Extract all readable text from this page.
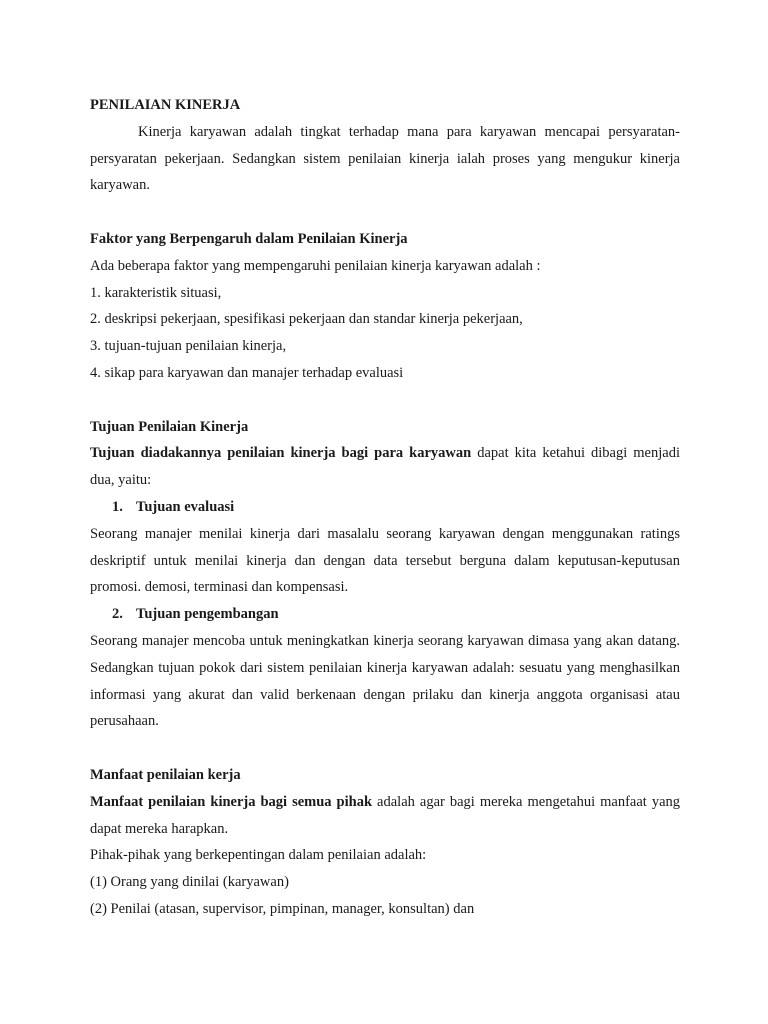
PENILAIAN KINERJA

Kinerja karyawan adalah tingkat terhadap mana para karyawan mencapai persyaratan-persyaratan pekerjaan. Sedangkan sistem penilaian kinerja ialah proses yang mengukur kinerja karyawan.

Faktor yang Berpengaruh dalam Penilaian Kinerja

Ada beberapa faktor yang mempengaruhi penilaian kinerja karyawan adalah :

1. karakteristik situasi,

2. deskripsi pekerjaan, spesifikasi pekerjaan dan standar kinerja pekerjaan,

3. tujuan-tujuan penilaian kinerja,

4. sikap para karyawan dan manajer terhadap evaluasi

Tujuan Penilaian Kinerja

Tujuan diadakannya penilaian kinerja bagi para karyawan dapat kita ketahui dibagi menjadi dua, yaitu:

1. Tujuan evaluasi

Seorang manajer menilai kinerja dari masalalu seorang karyawan dengan menggunakan ratings deskriptif untuk menilai kinerja dan dengan data tersebut berguna dalam keputusan-keputusan promosi. demosi, terminasi dan kompensasi.

2. Tujuan pengembangan

Seorang manajer mencoba untuk meningkatkan kinerja seorang karyawan dimasa yang akan datang. Sedangkan tujuan pokok dari sistem penilaian kinerja karyawan adalah: sesuatu yang menghasilkan informasi yang akurat dan valid berkenaan dengan prilaku dan kinerja anggota organisasi atau perusahaan.

Manfaat penilaian kerja

Manfaat penilaian kinerja bagi semua pihak adalah agar bagi mereka mengetahui manfaat yang dapat mereka harapkan.

Pihak-pihak yang berkepentingan dalam penilaian adalah:

(1) Orang yang dinilai (karyawan)

(2) Penilai (atasan, supervisor, pimpinan, manager, konsultan) dan
